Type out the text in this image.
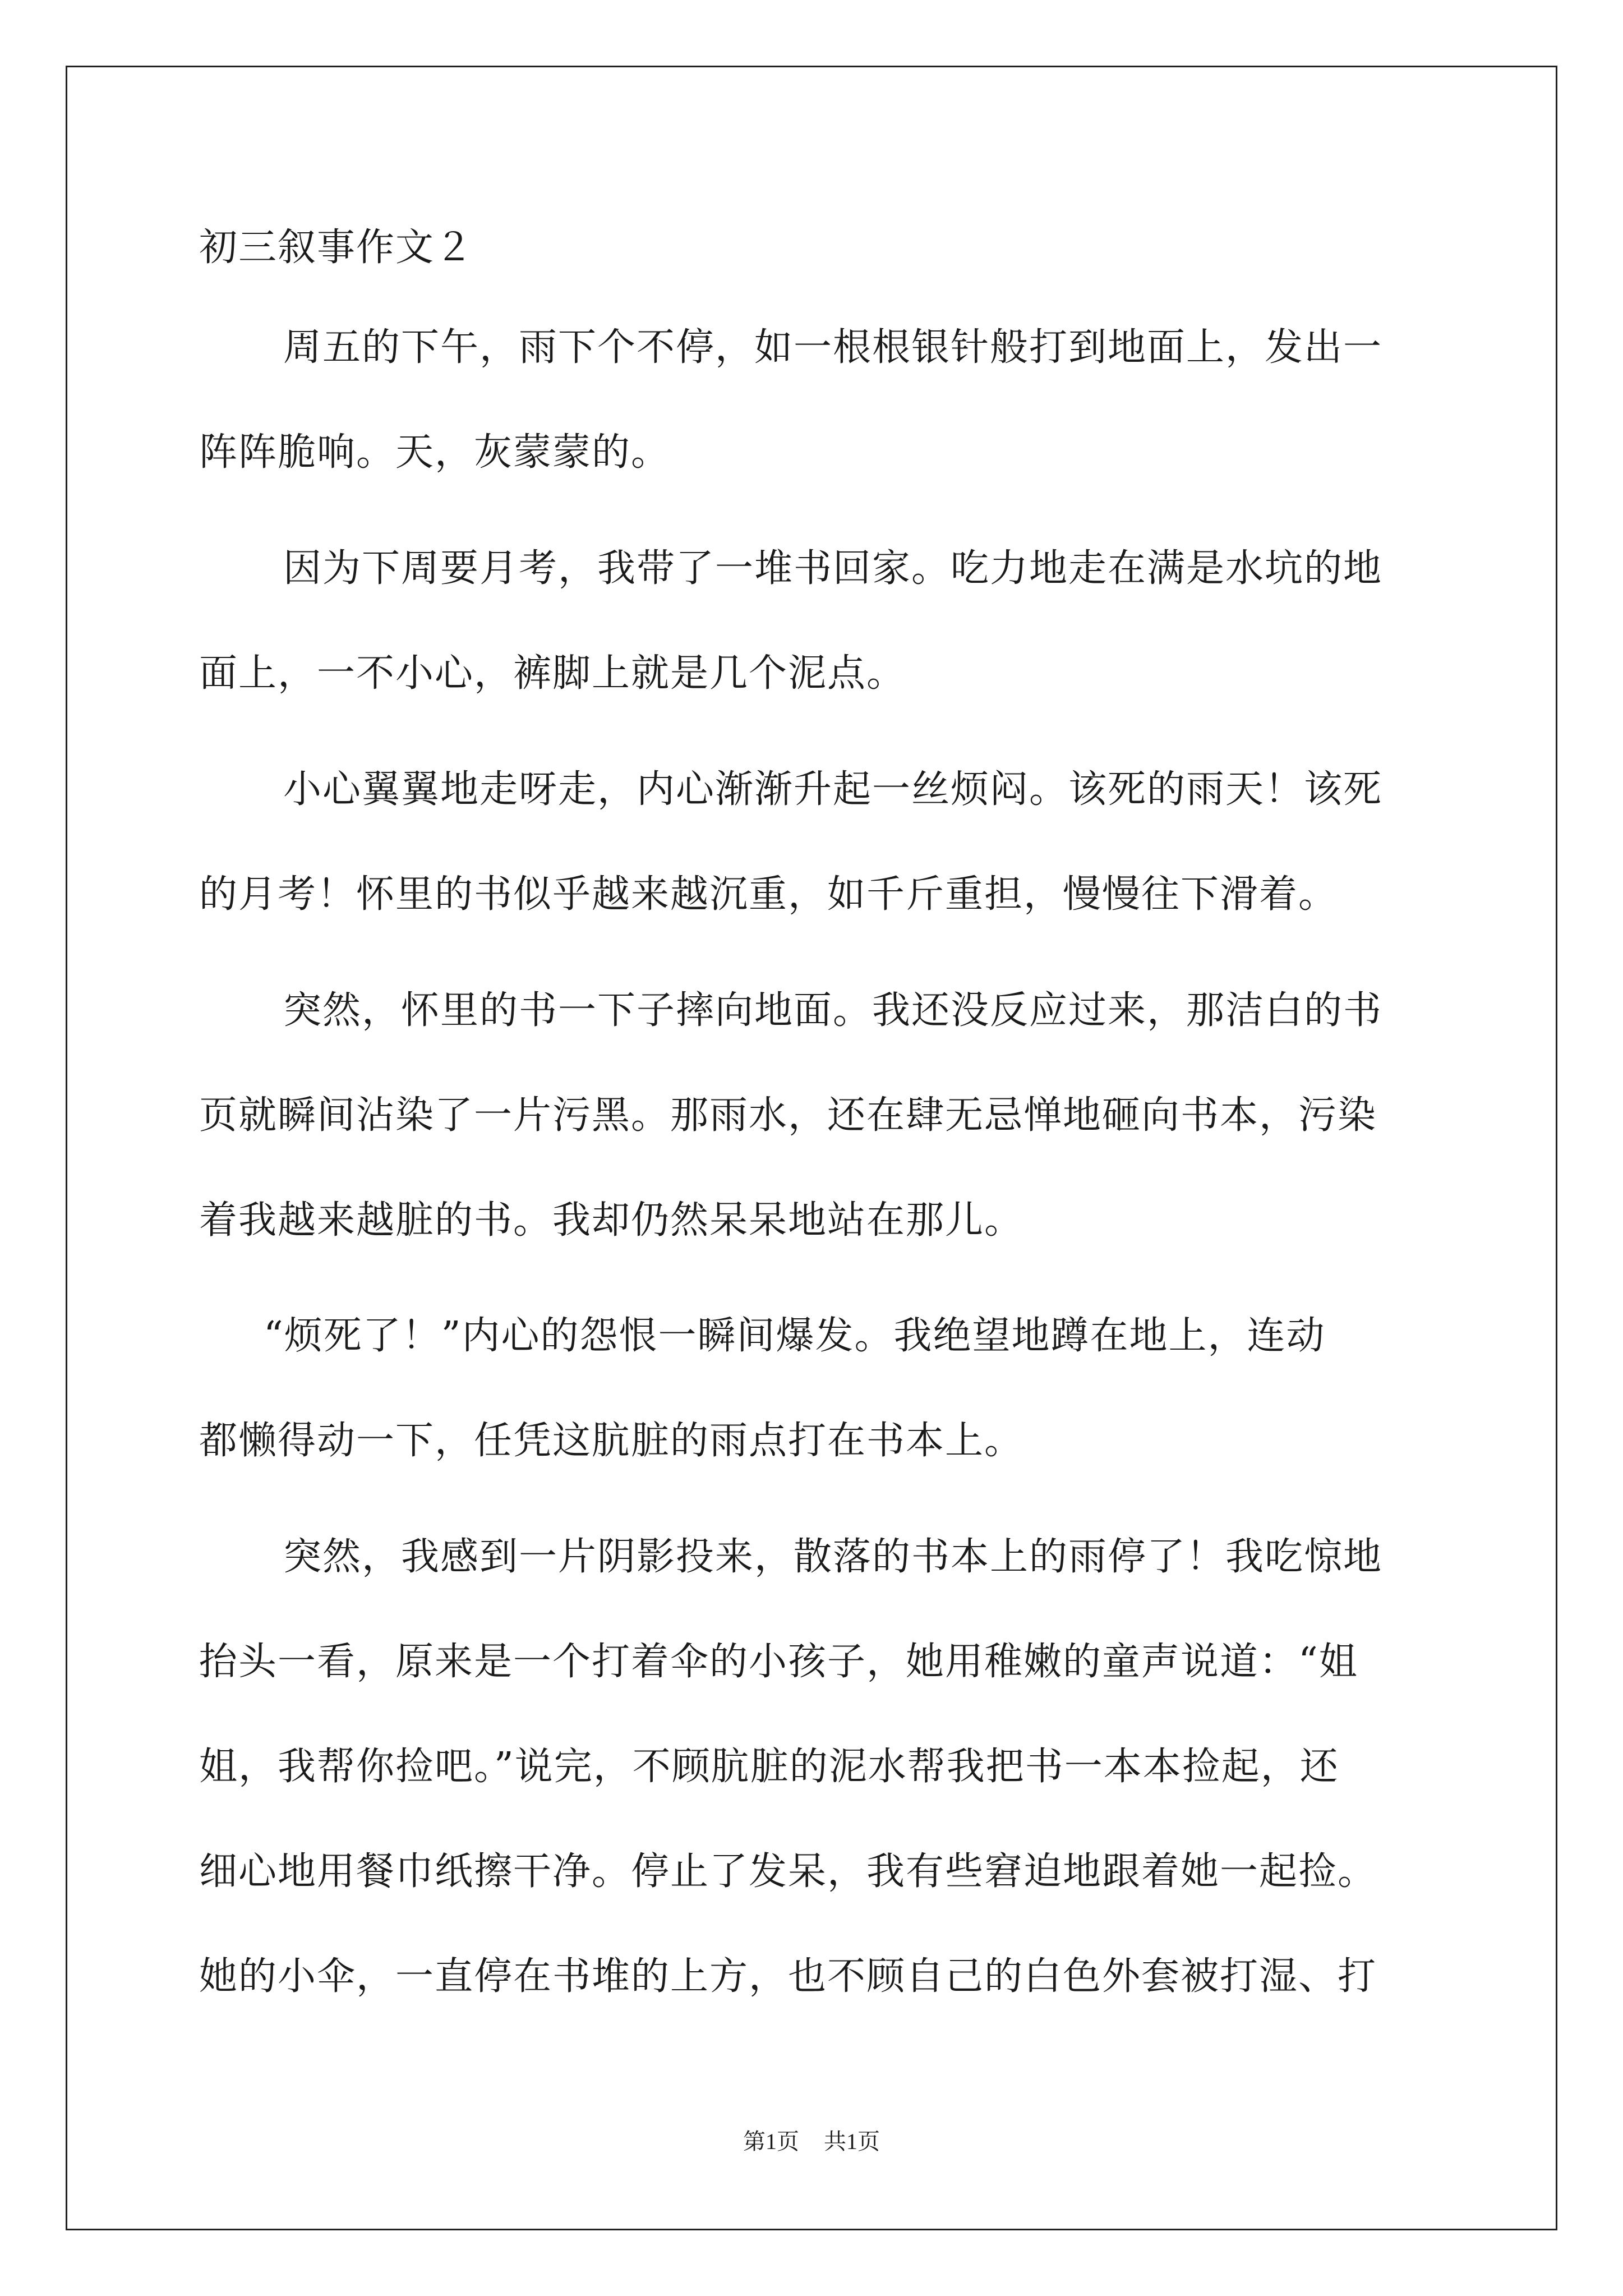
初三叙事作文２
周五的下午，雨下个不停，如一根根银针般打到地面上，发出一
阵阵脆响。天，灰蒙蒙的。
因为下周要月考，我带了一堆书回家。吃力地走在满是水坑的地
面上，一不小心，裤脚上就是几个泥点。
小心翼翼地走呀走，内心渐渐升起一丝烦闷。该死的雨天！该死
的月考！怀里的书似乎越来越沉重，如千斤重担，慢慢往下滑着。
突然，怀里的书一下子摔向地面。我还没反应过来，那洁白的书
页就瞬间沾染了一片污黑。那雨水，还在肆无忌惮地砸向书本，污染
着我越来越脏的书。我却仍然呆呆地站在那儿。
“烦死了！”内心的怨恨一瞬间爆发。我绝望地蹲在地上，连动
都懒得动一下，任凭这肮脏的雨点打在书本上。
突然，我感到一片阴影投来，散落的书本上的雨停了！我吃惊地
抬头一看，原来是一个打着伞的小孩子，她用稚嫩的童声说道：“姐
姐，我帮你捡吧。”说完，不顾肮脏的泥水帮我把书一本本捡起，还
细心地用餐巾纸擦干净。停止了发呆，我有些窘迫地跟着她一起捡。
她的小伞，一直停在书堆的上方，也不顾自己的白色外套被打湿、打
第1页 共1页
